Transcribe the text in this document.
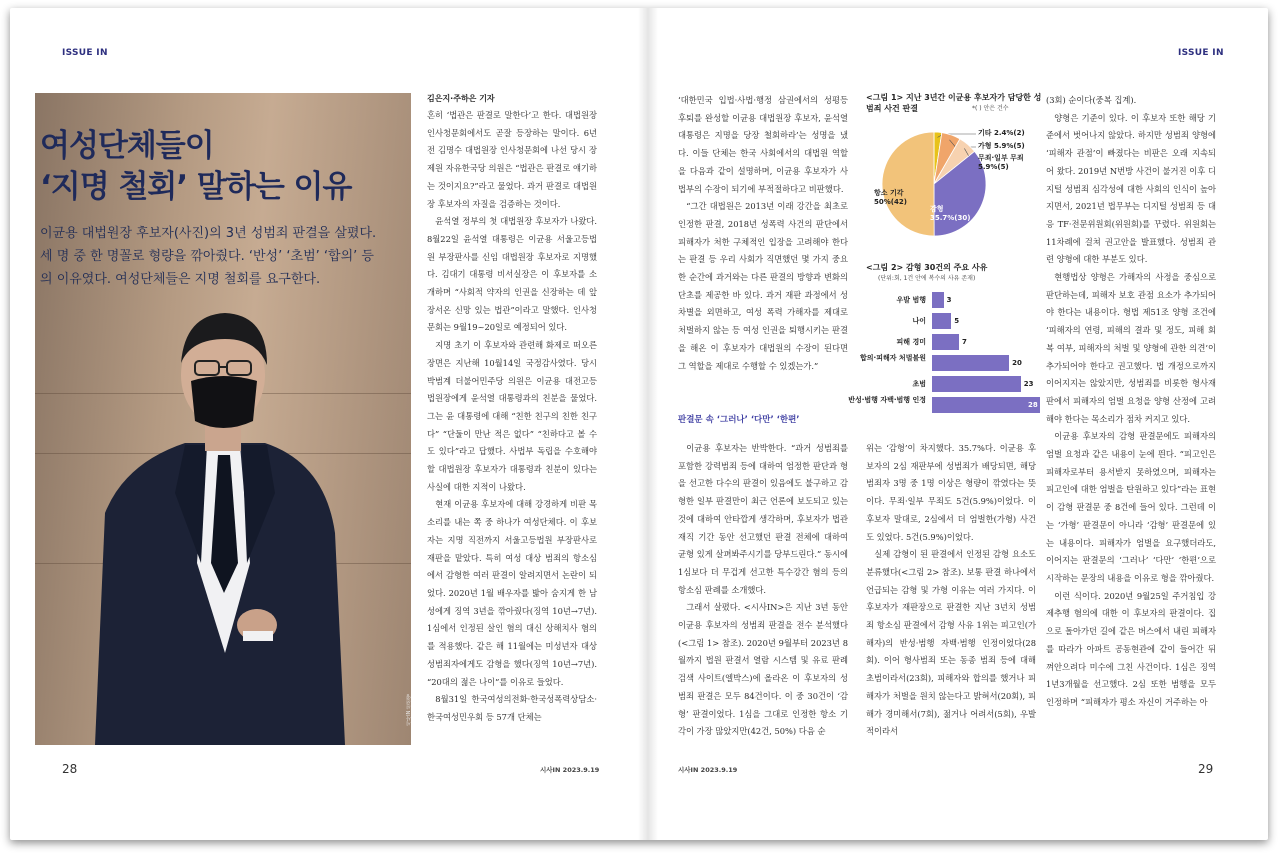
ISSUE IN	ISSUE IN
여성단체들이
‘지명 철회’ 말하는 이유
이균용 대법원장 후보자(사진)의 3년 성범죄 판결을 살폈다. 세 명 중 한 명꼴로 형량을 깎아줬다. ‘반성’ ‘초범’ ‘합의’ 등의 이유였다. 여성단체들은 지명 철회를 요구한다.
시사IN 신선영
김은지·주하은 기자

혼히 ‘법관은 판결로 말한다’고 한다. 대법원장 인사청문회에서도 곧잘 등장하는 말이다. 6년 전 김명수 대법원장 인사청문회에 나선 당시 장제원 자유한국당 의원은 “법관은 판결로 얘기하는 것이지요?”라고 물었다. 과거 판결로 대법원장 후보자의 자질을 검증하는 것이다.

윤석열 정부의 첫 대법원장 후보자가 나왔다. 8월22일 윤석열 대통령은 이균용 서울고등법원 부장판사를 신임 대법원장 후보자로 지명했다. 김대기 대통령 비서실장은 이 후보자를 소개하며 “사회적 약자의 인권을 신장하는 데 앞장서온 신망 있는 법관”이라고 말했다. 인사청문회는 9월19~20일로 예정되어 있다.

지명 초기 이 후보자와 관련해 화제로 떠오른 장면은 지난해 10월14일 국정감사였다. 당시 박범계 더불어민주당 의원은 이균용 대전고등법원장에게 윤석열 대통령과의 친분을 물었다. 그는 윤 대통령에 대해 “친한 친구의 친한 친구다” “단둘이 만난 적은 없다” “친하다고 볼 수도 있다”라고 답했다. 사법부 독립을 수호해야 할 대법원장 후보자가 대통령과 친분이 있다는 사실에 대한 지적이 나왔다.

현재 이균용 후보자에 대해 강경하게 비판 목소리를 내는 쪽 중 하나가 여성단체다. 이 후보자는 지명 직전까지 서울고등법원 부장판사로 재판을 맡았다. 특히 여성 대상 범죄의 항소심에서 감형한 여러 판결이 알려지면서 논란이 되었다. 2020년 1월 배우자를 밟아 숨지게 한 남성에게 징역 3년을 깎아줬다(징역 10년→7년). 1심에서 인정된 살인 혐의 대신 상해치사 혐의를 적용했다. 같은 해 11월에는 미성년자 대상 성범죄자에게도 감형을 했다(징역 10년→7년). “20대의 젊은 나이”를 이유로 들었다.

8월31일 한국여성의전화·한국성폭력상담소·한국여성민우회 등 57개 단체는

‘대한민국 입법·사법·행정 삼권에서의 성평등 후퇴를 완성할 이균용 대법원장 후보자, 윤석열 대통령은 지명을 당장 철회하라’는 성명을 냈다. 이들 단체는 한국 사회에서의 대법원 역할을 다음과 같이 설명하며, 이균용 후보자가 사법부의 수장이 되기에 부적절하다고 비판했다.

“그간 대법원은 2013년 이래 강간을 최초로 인정한 판결, 2018년 성폭력 사건의 판단에서 피해자가 처한 구체적인 입장을 고려해야 한다는 판결 등 우리 사회가 직면했던 몇 가지 중요한 순간에 과거와는 다른 판결의 방향과 변화의 단초를 제공한 바 있다. 과거 재판 과정에서 성차별을 외면하고, 여성 폭력 가해자를 제대로 처벌하지 않는 등 여성 인권을 퇴행시키는 판결을 해온 이 후보자가 대법원의 수장이 된다면 그 역할을 제대로 수행할 수 있겠는가.”

판결문 속 ‘그러나’ ‘다만’ ‘한편’

이균용 후보자는 반박한다. “과거 성범죄를 포함한 강력범죄 등에 대하여 엄정한 판단과 형을 선고한 다수의 판결이 있음에도 불구하고 감형한 일부 판결만이 최근 언론에 보도되고 있는 것에 대하여 안타깝게 생각하며, 후보자가 법관 재직 기간 동안 선고했던 판결 전체에 대하여 균형 있게 살펴봐주시기를 당부드린다.” 동시에 1심보다 더 무겁게 선고한 특수강간 혐의 등의 항소심 판례를 소개했다.

그래서 살폈다. <시사IN>은 지난 3년 동안 이균용 후보자의 성범죄 판결을 전수 분석했다(<그림 1> 참조). 2020년 9월부터 2023년 8월까지 법원 판결서 열람 시스템 및 유료 판례 검색 사이트(엘박스)에 올라온 이 후보자의 성범죄 판결은 모두 84건이다. 이 중 30건이 ‘감형’ 판결이었다. 1심을 그대로 인정한 항소 기각이 가장 많았지만(42건, 50%) 다음 순

<그림 1> 지난 3년간 이균용 후보자가 담당한 성범죄 사건 판결	*( ) 안은 건수
기타 2.4%(2)
가형 5.9%(5)
무죄·일부 무죄
5.9%(5)
항소 기각
50%(42)
감형
35.7%(30)
<그림 2> 감형 30건의 주요 사유
(단위:회, 1건 안에 복수의 사유 존재)
우발 범행	3
나이	5
피해 경미	7
합의·피해자 처벌불원
20
초범	23
반성·범행 자백·범행 인정
28

위는 ‘감형’이 차지했다. 35.7%다. 이균용 후보자의 2심 재판부에 성범죄가 배당되면, 해당 범죄자 3명 중 1명 이상은 형량이 깎였다는 뜻이다. 무죄·일부 무죄도 5건(5.9%)이었다. 이 후보자 말대로, 2심에서 더 엄벌한(가형) 사건도 있었다. 5건(5.9%)이었다.

실제 감형이 된 판결에서 인정된 감형 요소도 분류했다(<그림 2> 참조). 보통 판결 하나에서 언급되는 감형 및 가형 이유는 여러 가지다. 이 후보자가 재판장으로 판결한 지난 3년치 성범죄 항소심 판결에서 감형 사유 1위는 피고인(가해자)의 반성·범행 자백·범행 인정이었다(28회). 이어 형사범죄 또는 동종 범죄 등에 대해 초범이라서(23회), 피해자와 합의를 했거나 피해자가 처벌을 원치 않는다고 밝혀서(20회), 피해가 경미해서(7회), 젊거나 어려서(5회), 우발적이라서

(3회) 순이다(중복 집계).

양형은 기준이 있다. 이 후보자 또한 해당 기준에서 벗어나지 않았다. 하지만 성범죄 양형에 ‘피해자 관점’이 빠졌다는 비판은 오래 지속되어 왔다. 2019년 N번방 사건이 불거진 이후 디지털 성범죄 심각성에 대한 사회의 인식이 높아지면서, 2021년 법무부는 디지털 성범죄 등 대응 TF·전문위원회(위원회)를 꾸렸다. 위원회는 11차례에 걸쳐 권고안을 발표했다. 성범죄 관련 양형에 대한 부분도 있다.

현행법상 양형은 가해자의 사정을 중심으로 판단하는데, 피해자 보호 관점 요소가 추가되어야 한다는 내용이다. 형법 제51조 양형 조건에 ‘피해자의 연령, 피해의 결과 및 정도, 피해 회복 여부, 피해자의 처벌 및 양형에 관한 의견’이 추가되어야 한다고 권고했다. 법 개정으로까지 이어지지는 않았지만, 성범죄를 비롯한 형사재판에서 피해자의 엄벌 요청을 양형 산정에 고려해야 한다는 목소리가 점차 커지고 있다.

이균용 후보자의 감형 판결문에도 피해자의 엄벌 요청과 같은 내용이 눈에 띈다. “피고인은 피해자로부터 용서받지 못하였으며, 피해자는 피고인에 대한 엄벌을 탄원하고 있다”라는 표현이 감형 판결문 중 8건에 들어 있다. 그런데 이는 ‘가형’ 판결문이 아니라 ‘감형’ 판결문에 있는 내용이다. 피해자가 엄벌을 요구했더라도, 이어지는 판결문의 ‘그러나’ ‘다만’ ‘한편’으로 시작하는 문장의 내용을 이유로 형을 깎아줬다.

이런 식이다. 2020년 9월25일 주거침입 강제추행 혐의에 대한 이 후보자의 판결이다. 집으로 돌아가던 길에 같은 버스에서 내린 피해자를 따라가 아파트 공동현관에 같이 들어간 뒤 껴안으려다 미수에 그친 사건이다. 1심은 징역 1년3개월을 선고했다. 2심 또한 범행을 모두 인정하며 “피해자가 평소 자신이 거주하는 아

28	시사IN 2023.9.19	시사IN 2023.9.19	29
